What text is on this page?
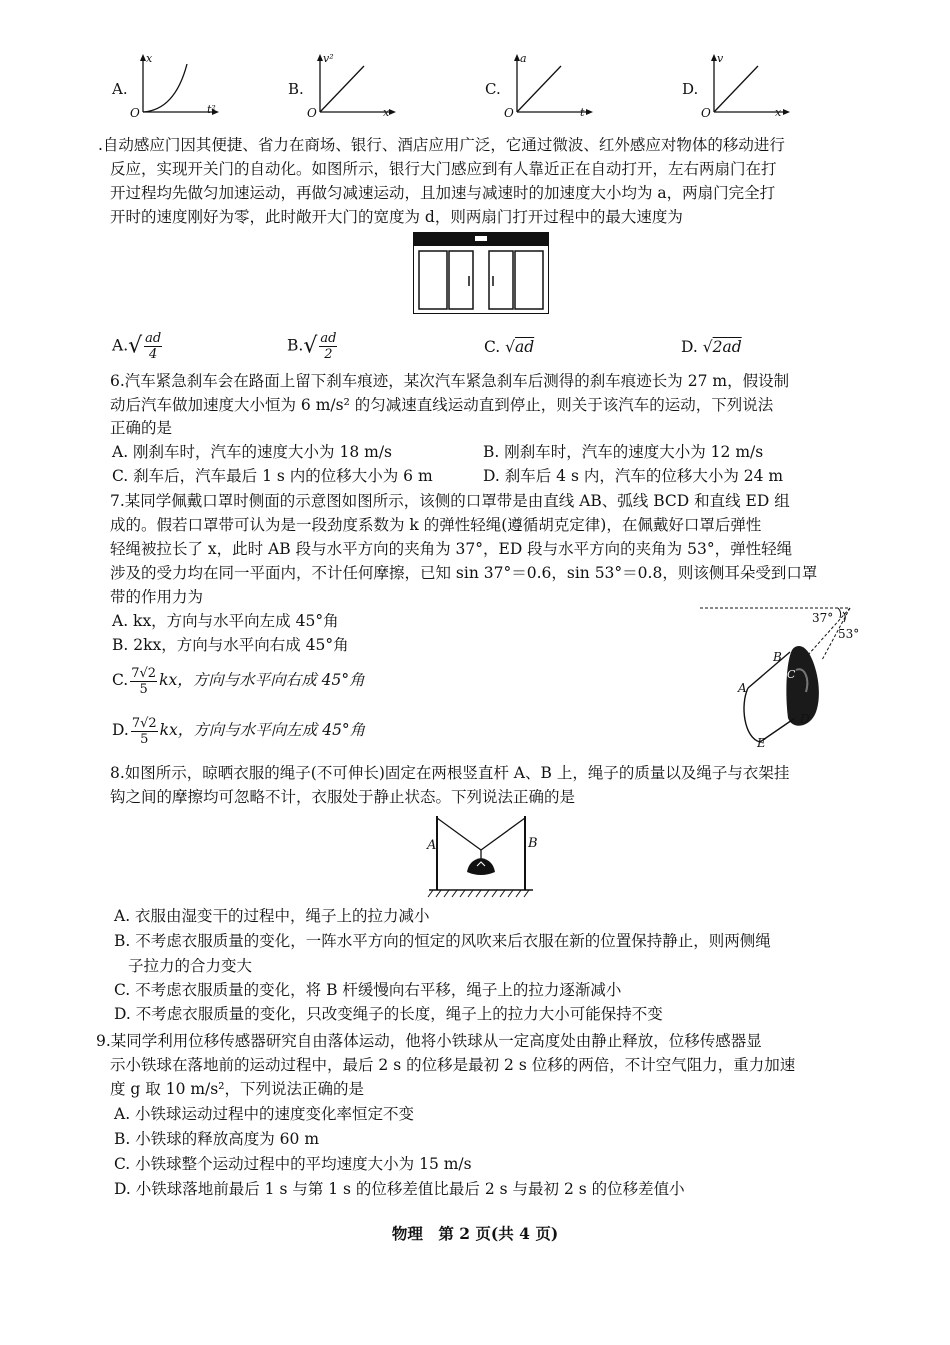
A.
x
t²
O
B.
v²
x
O
C.
a
t
O
D.
v
x
O
.自动感应门因其便捷、省力在商场、银行、酒店应用广泛，它通过微波、红外感应对物体的移动进行
反应，实现开关门的自动化。如图所示，银行大门感应到有人靠近正在自动打开，左右两扇门在打
开过程均先做匀加速运动，再做匀减速运动，且加速与减速时的加速度大小均为 a，两扇门完全打
开时的速度刚好为零，此时敞开大门的宽度为 d，则两扇门打开过程中的最大速度为
$A.√ \frac{ad}{4}$	$B.√ \frac{ad}{2}$	C. √ad	D. √2ad
6.汽车紧急刹车会在路面上留下刹车痕迹，某次汽车紧急刹车后测得的刹车痕迹长为 27 m，假设制
动后汽车做加速度大小恒为 6 m/s² 的匀减速直线运动直到停止，则关于该汽车的运动，下列说法
正确的是
A. 刚刹车时，汽车的速度大小为 18 m/s	B. 刚刹车时，汽车的速度大小为 12 m/s
C. 刹车后，汽车最后 1 s 内的位移大小为 6 m	D. 刹车后 4 s 内，汽车的位移大小为 24 m
7.某同学佩戴口罩时侧面的示意图如图所示，该侧的口罩带是由直线 AB、弧线 BCD 和直线 ED 组
成的。假若口罩带可认为是一段劲度系数为 k 的弹性轻绳(遵循胡克定律)，在佩戴好口罩后弹性
轻绳被拉长了 x，此时 AB 段与水平方向的夹角为 37°，ED 段与水平方向的夹角为 53°，弹性轻绳
涉及的受力均在同一平面内，不计任何摩擦，已知 sin 37°＝0.6，sin 53°＝0.8，则该侧耳朵受到口罩
带的作用力为
A. kx，方向与水平向左成 45°角
B. 2kx，方向与水平向右成 45°角
C. $\frac{7√2}{5}$ kx，方向与水平向右成 45°角
D. $\frac{7√2}{5}$ kx，方向与水平向左成 45°角
37°
53°
A
B
C
D
E
8.如图所示，晾晒衣服的绳子(不可伸长)固定在两根竖直杆 A、B 上，绳子的质量以及绳子与衣架挂
钩之间的摩擦均可忽略不计，衣服处于静止状态。下列说法正确的是
A	B
A. 衣服由湿变干的过程中，绳子上的拉力减小
B. 不考虑衣服质量的变化，一阵水平方向的恒定的风吹来后衣服在新的位置保持静止，则两侧绳
子拉力的合力变大
C. 不考虑衣服质量的变化，将 B 杆缓慢向右平移，绳子上的拉力逐渐减小
D. 不考虑衣服质量的变化，只改变绳子的长度，绳子上的拉力大小可能保持不变
9.某同学利用位移传感器研究自由落体运动，他将小铁球从一定高度处由静止释放，位移传感器显
示小铁球在落地前的运动过程中，最后 2 s 的位移是最初 2 s 位移的两倍，不计空气阻力，重力加速
度 g 取 10 m/s²，下列说法正确的是
A. 小铁球运动过程中的速度变化率恒定不变
B. 小铁球的释放高度为 60 m
C. 小铁球整个运动过程中的平均速度大小为 15 m/s
D. 小铁球落地前最后 1 s 与第 1 s 的位移差值比最后 2 s 与最初 2 s 的位移差值小
物理　第 2 页(共 4 页)
